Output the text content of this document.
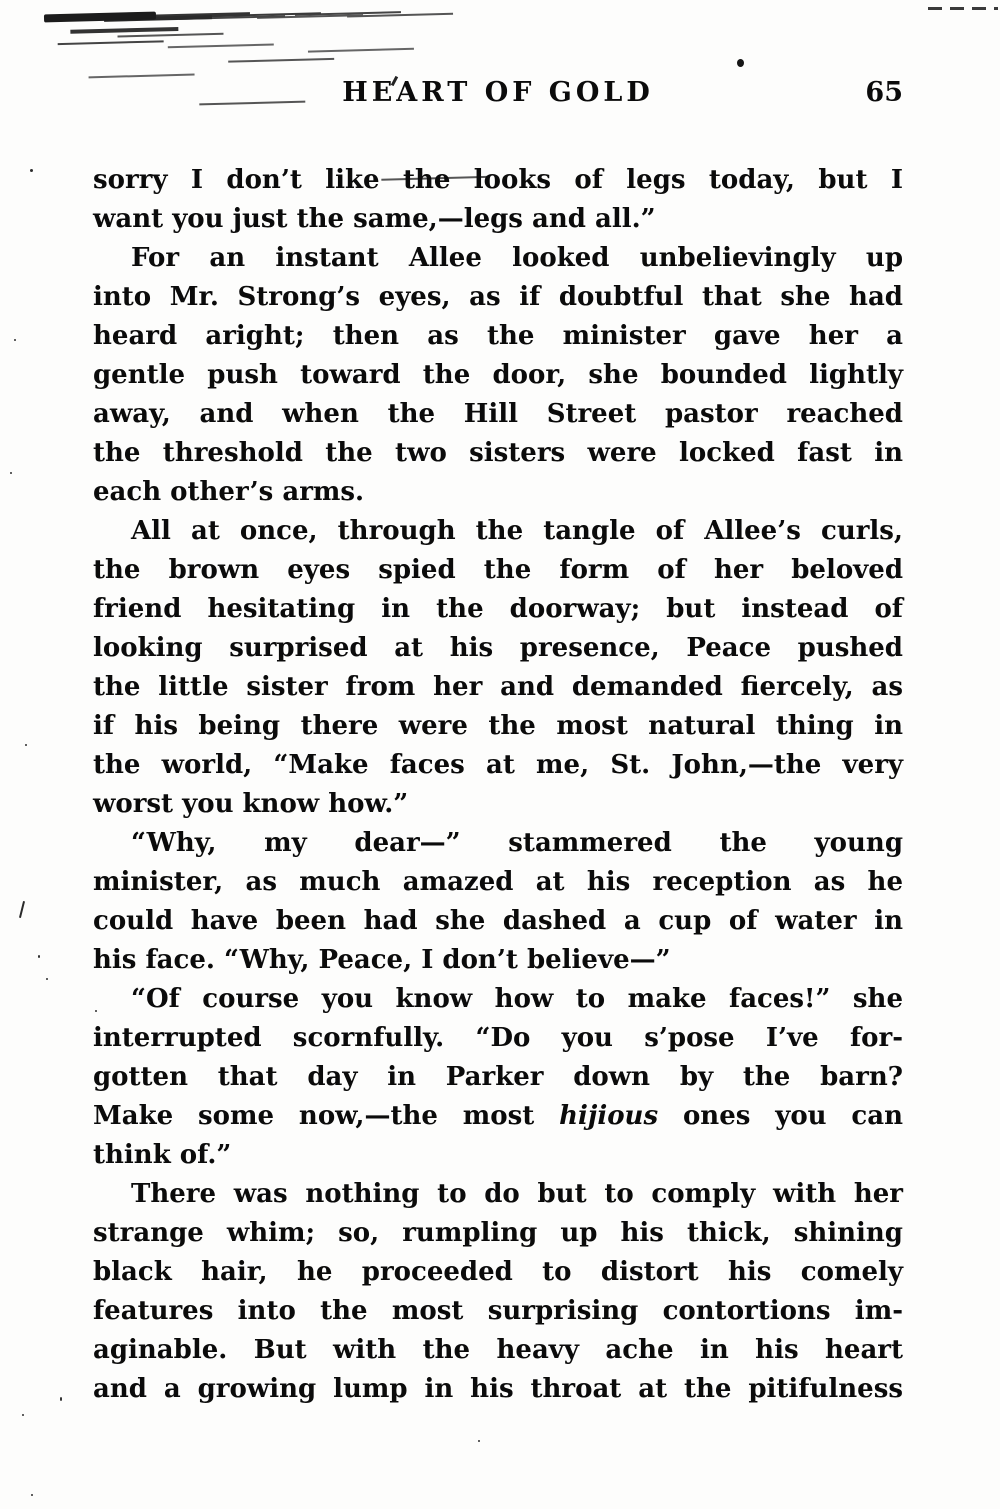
HEART OF GOLD	65
sorry I don’t like the looks of legs today, but I
want you just the same,—legs and all.”
For an instant Allee looked unbelievingly up
into Mr. Strong’s eyes, as if doubtful that she had
heard aright; then as the minister gave her a
gentle push toward the door, she bounded lightly
away, and when the Hill Street pastor reached
the threshold the two sisters were locked fast in
each other’s arms.
All at once, through the tangle of Allee’s curls,
the brown eyes spied the form of her beloved
friend hesitating in the doorway; but instead of
looking surprised at his presence, Peace pushed
the little sister from her and demanded fiercely, as
if his being there were the most natural thing in
the world, “Make faces at me, St. John,—the very
worst you know how.”
“Why, my dear—” stammered the young
minister, as much amazed at his reception as he
could have been had she dashed a cup of water in
his face. “Why, Peace, I don’t believe—”
“Of course you know how to make faces!” she
interrupted scornfully. “Do you s’pose I’ve for-
gotten that day in Parker down by the barn?
Make some now,—the most hijious ones you can
think of.”
There was nothing to do but to comply with her
strange whim; so, rumpling up his thick, shining
black hair, he proceeded to distort his comely
features into the most surprising contortions im-
aginable. But with the heavy ache in his heart
and a growing lump in his throat at the pitifulness
